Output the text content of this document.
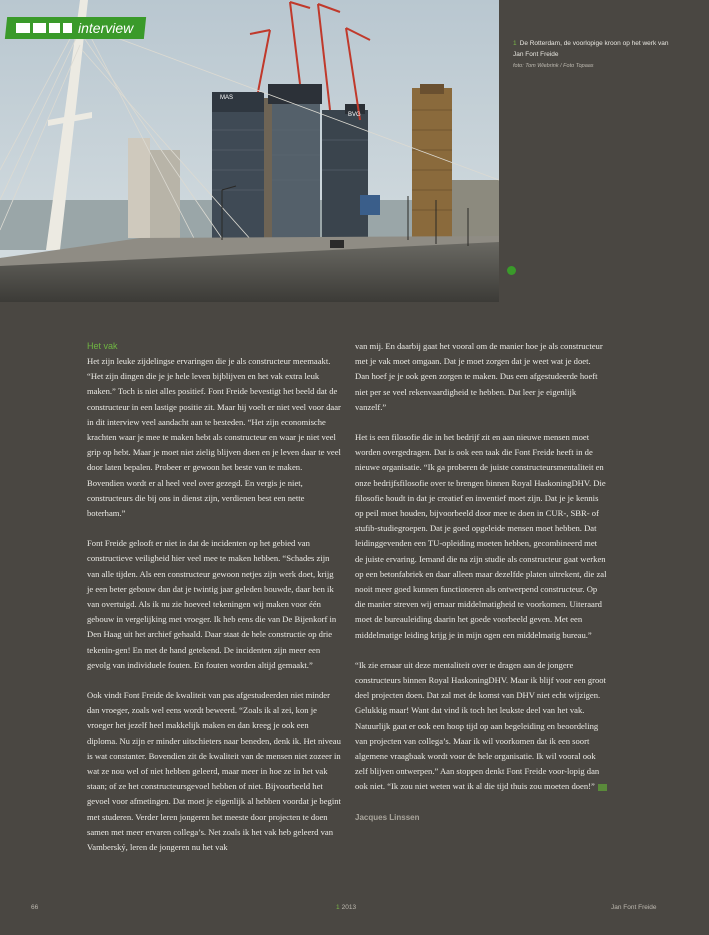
MAS
BVG
interview
1 De Rotterdam, de voorlopige kroon op het werk van Jan Font Freide
foto: Tom Wiebrink / Foto Topaas
Het vak

Het zijn leuke zijdelingse ervaringen die je als constructeur meemaakt. “Het zijn dingen die je je hele leven bijblijven en het vak extra leuk maken.” Toch is niet alles positief. Font Freide bevestigt het beeld dat de constructeur in een lastige positie zit. Maar hij voelt er niet veel voor daar in dit interview veel aandacht aan te besteden. “Het zijn economische krachten waar je mee te maken hebt als constructeur en waar je niet veel grip op hebt. Maar je moet niet zielig blijven doen en je leven daar te veel door laten bepalen. Probeer er gewoon het beste van te maken. Bovendien wordt er al heel veel over gezegd. En vergis je niet, constructeurs die bij ons in dienst zijn, verdienen best een nette boterham.”

Font Freide gelooft er niet in dat de incidenten op het gebied van constructieve veiligheid hier veel mee te maken hebben. “Schades zijn van alle tijden. Als een constructeur gewoon netjes zijn werk doet, krijg je een beter gebouw dan dat je twintig jaar geleden bouwde, daar ben ik van overtuigd. Als ik nu zie hoeveel tekeningen wij maken voor één gebouw in vergelijking met vroeger. Ik heb eens die van De Bijenkorf in Den Haag uit het archief gehaald. Daar staat de hele constructie op drie tekenin-gen! En met de hand getekend. De incidenten zijn meer een gevolg van individuele fouten. En fouten worden altijd gemaakt.”

Ook vindt Font Freide de kwaliteit van pas afgestudeerden niet minder dan vroeger, zoals wel eens wordt beweerd. “Zoals ik al zei, kon je vroeger het jezelf heel makkelijk maken en dan kreeg je ook een diploma. Nu zijn er minder uitschieters naar beneden, denk ik. Het niveau is wat constanter. Bovendien zit de kwaliteit van de mensen niet zozeer in wat ze nou wel of niet hebben geleerd, maar meer in hoe ze in het vak staan; of ze het constructeursgevoel hebben of niet. Bijvoorbeeld het gevoel voor afmetingen. Dat moet je eigenlijk al hebben voordat je begint met studeren. Verder leren jongeren het meeste door projecten te doen samen met meer ervaren collega’s. Net zoals ik het vak heb geleerd van Vamberský, leren de jongeren nu het vak

van mij. En daarbij gaat het vooral om de manier hoe je als constructeur met je vak moet omgaan. Dat je moet zorgen dat je weet wat je doet. Dan hoef je je ook geen zorgen te maken. Dus een afgestudeerde hoeft niet per se veel rekenvaardigheid te hebben. Dat leer je eigenlijk vanzelf.”

Het is een filosofie die in het bedrijf zit en aan nieuwe mensen moet worden overgedragen. Dat is ook een taak die Font Freide heeft in de nieuwe organisatie. “Ik ga proberen de juiste constructeursmentaliteit en onze bedrijfsfilosofie over te brengen binnen Royal HaskoningDHV. Die filosofie houdt in dat je creatief en inventief moet zijn. Dat je je kennis op peil moet houden, bijvoorbeeld door mee te doen in CUR-, SBR- of stufib-studiegroepen. Dat je goed opgeleide mensen moet hebben. Dat leidinggevenden een TU-opleiding moeten hebben, gecombineerd met de juiste ervaring. Iemand die na zijn studie als constructeur gaat werken op een betonfabriek en daar alleen maar dezelfde platen uitrekent, die zal nooit meer goed kunnen functioneren als ontwerpend constructeur. Op die manier streven wij ernaar middelmatigheid te voorkomen. Uiteraard moet de bureauleiding daarin het goede voorbeeld geven. Met een middelmatige leiding krijg je in mijn ogen een middelmatig bureau.”

“Ik zie ernaar uit deze mentaliteit over te dragen aan de jongere constructeurs binnen Royal HaskoningDHV. Maar ik blijf voor een groot deel projecten doen. Dat zal met de komst van DHV niet echt wijzigen. Gelukkig maar! Want dat vind ik toch het leukste deel van het vak. Natuurlijk gaat er ook een hoop tijd op aan begeleiding en beoordeling van projecten van collega’s. Maar ik wil voorkomen dat ik een soort algemene vraagbaak wordt voor de hele organisatie. Ik wil vooral ook zelf blijven ontwerpen.” Aan stoppen denkt Font Freide voor-lopig dan ook niet. “Ik zou niet weten wat ik al die tijd thuis zou moeten doen!”

Jacques Linssen
66	1 2013	Jan Font Freide
